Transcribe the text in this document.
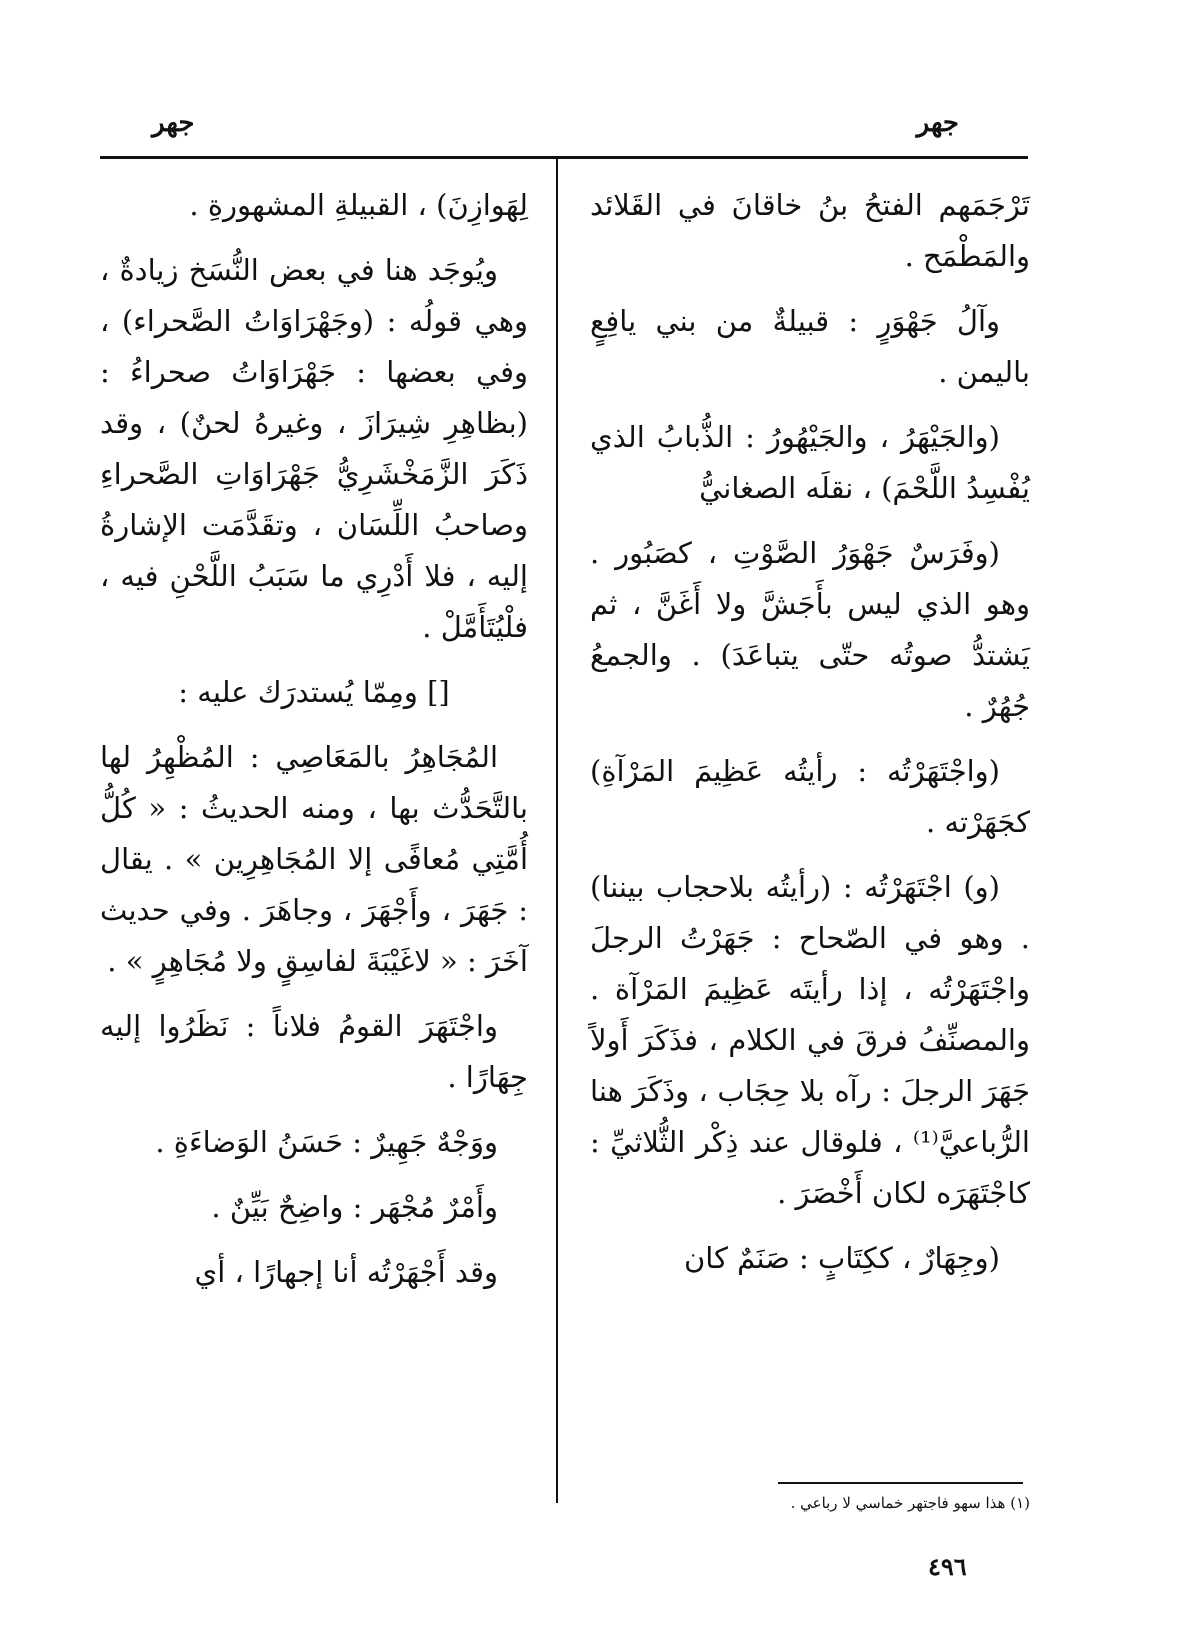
جهر	جهر

تَرْجَمَهم الفتحُ بنُ خاقانَ في القَلائد والمَطْمَح .

وآلُ جَهْوَرٍ : قبيلةٌ من بني يافِعٍ باليمن .

(والجَيْهَرُ ، والجَيْهُورُ : الذُّبابُ الذي يُفْسِدُ اللَّحْمَ) ، نقلَه الصغانيُّ

(وفَرَسٌ جَهْوَرُ الصَّوْتِ ، كصَبُور . وهو الذي ليس بأَجَشَّ ولا أَغَنَّ ، ثم يَشتدُّ صوتُه حتّى يتباعَدَ) . والجمعُ جُهُرٌ .

(واجْتَهَرْتُه : رأيتُه عَظِيمَ المَرْآةِ) كجَهَرْته .

(و) اجْتَهَرْتُه : (رأيتُه بلاحجاب بيننا) . وهو في الصّحاح : جَهَرْتُ الرجلَ واجْتَهَرْتُه ، إذا رأيتَه عَظِيمَ المَرْآة . والمصنِّفُ فرقَ في الكلام ، فذَكَرَ أَولاً جَهَرَ الرجلَ : رآه بلا حِجَاب ، وذَكَرَ هنا الرُّباعيَّ⁽¹⁾ ، فلوقال عند ذِكْر الثُّلاثيِّ : كاجْتَهَرَه لكان أَخْصَرَ .

(وجِهَارٌ ، ككِتَابٍ : صَنَمٌ كان

لِهَوازِنَ) ، القبيلةِ المشهورةِ .

ويُوجَد هنا في بعض النُّسَخ زيادةٌ ، وهي قولُه : (وجَهْرَاوَاتُ الصَّحراء) ، وفي بعضها : جَهْرَاوَاتُ صحراءُ : (بظاهِرِ شِيرَازَ ، وغيرهُ لحنٌ) ، وقد ذَكَرَ الزَّمَخْشَرِيُّ جَهْرَاوَاتِ الصَّحراءِ وصاحبُ اللِّسَان ، وتقَدَّمَت الإشارةُ إليه ، فلا أَدْرِي ما سَبَبُ اللَّحْنِ فيه ، فلْيُتَأَمَّلْ .

[] ومِمّا يُستدرَك عليه :

المُجَاهِرُ بالمَعَاصِي : المُظْهِرُ لها بالتَّحَدُّث بها ، ومنه الحديثُ : « كُلُّ أُمَّتِي مُعافًى إلا المُجَاهِرِين » . يقال : جَهَرَ ، وأَجْهَرَ ، وجاهَرَ . وفي حديث آخَرَ : « لاغَيْبَةَ لفاسِقٍ ولا مُجَاهِرٍ » .

واجْتَهَرَ القومُ فلاناً : نَظَرُوا إليه جِهَارًا .

ووَجْهٌ جَهِيرٌ : حَسَنُ الوَضاءَةِ .

وأَمْرٌ مُجْهَر : واضِحٌ بَيِّنٌ .

وقد أَجْهَرْتُه أنا إجهارًا ، أي

(١) هذا سهو فاجتهر خماسي لا رباعي .
٤٩٦
